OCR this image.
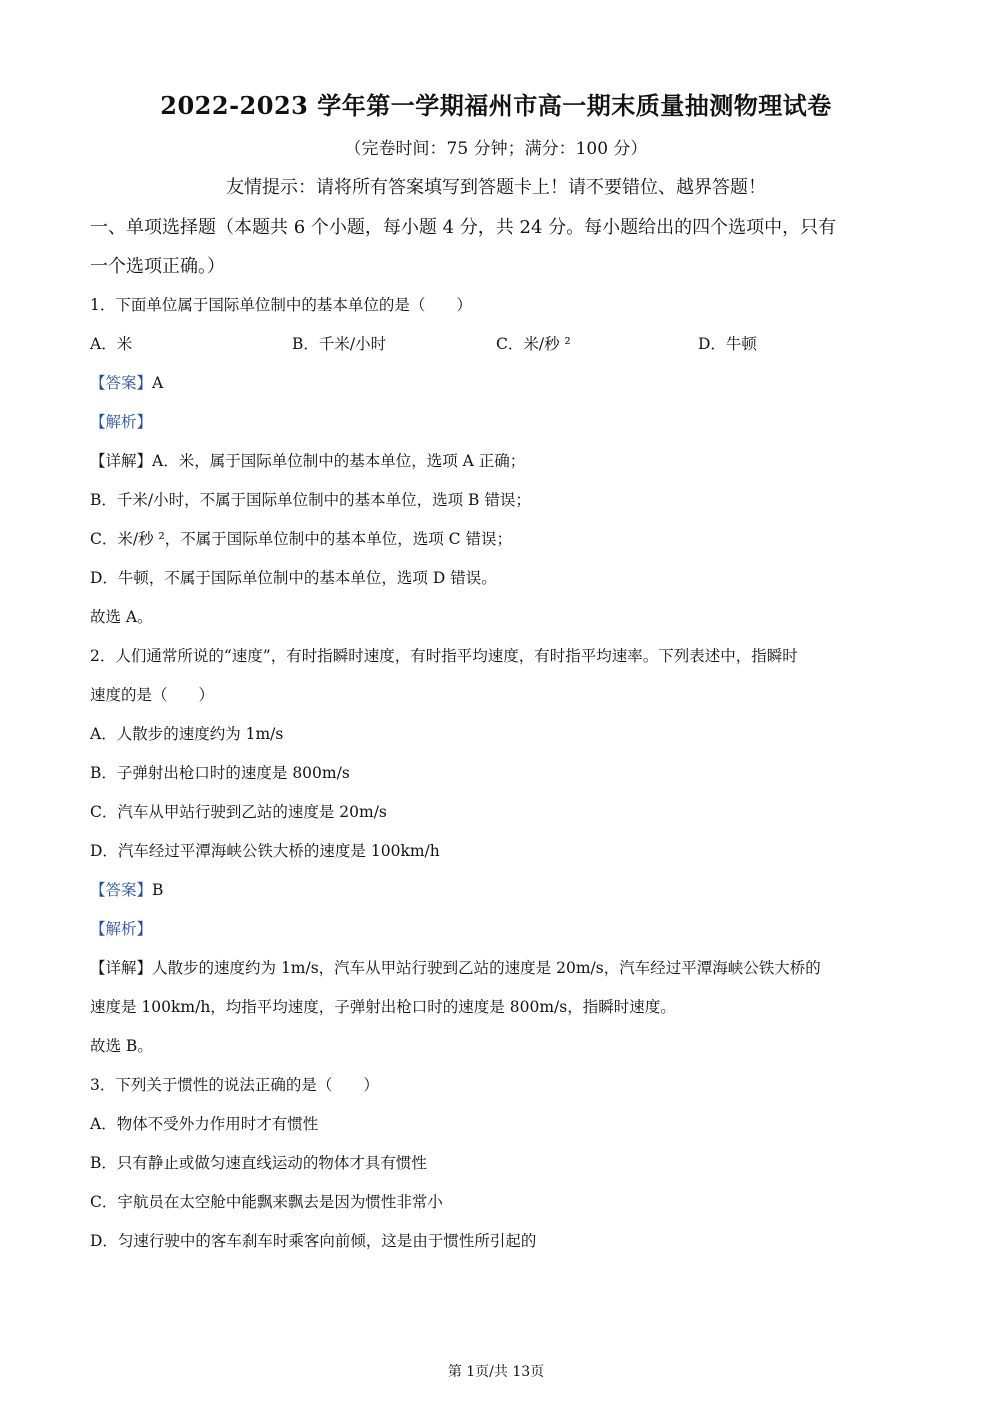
2022-2023 学年第一学期福州市高一期末质量抽测物理试卷
（完卷时间：75 分钟；满分：100 分）
友情提示：请将所有答案填写到答题卡上！请不要错位、越界答题！
一、单项选择题（本题共 6 个小题，每小题 4 分，共 24 分。每小题给出的四个选项中，只有
一个选项正确。）
1．下面单位属于国际单位制中的基本单位的是（　　）
A．米	B．千米/小时	C．米/秒 ²	D．牛顿
【答案】A
【解析】
【详解】A．米，属于国际单位制中的基本单位，选项 A 正确；
B．千米/小时，不属于国际单位制中的基本单位，选项 B 错误；
C．米/秒 ²，不属于国际单位制中的基本单位，选项 C 错误；
D．牛顿，不属于国际单位制中的基本单位，选项 D 错误。
故选 A。
2．人们通常所说的“速度”，有时指瞬时速度，有时指平均速度，有时指平均速率。下列表述中，指瞬时
速度的是（　　）
A．人散步的速度约为 1m/s
B．子弹射出枪口时的速度是 800m/s
C．汽车从甲站行驶到乙站的速度是 20m/s
D．汽车经过平潭海峡公铁大桥的速度是 100km/h
【答案】B
【解析】
【详解】人散步的速度约为 1m/s，汽车从甲站行驶到乙站的速度是 20m/s，汽车经过平潭海峡公铁大桥的
速度是 100km/h，均指平均速度，子弹射出枪口时的速度是 800m/s，指瞬时速度。
故选 B。
3．下列关于惯性的说法正确的是（　　）
A．物体不受外力作用时才有惯性
B．只有静止或做匀速直线运动的物体才具有惯性
C．宇航员在太空舱中能飘来飘去是因为惯性非常小
D．匀速行驶中的客车刹车时乘客向前倾，这是由于惯性所引起的
第 1页/共 13页
